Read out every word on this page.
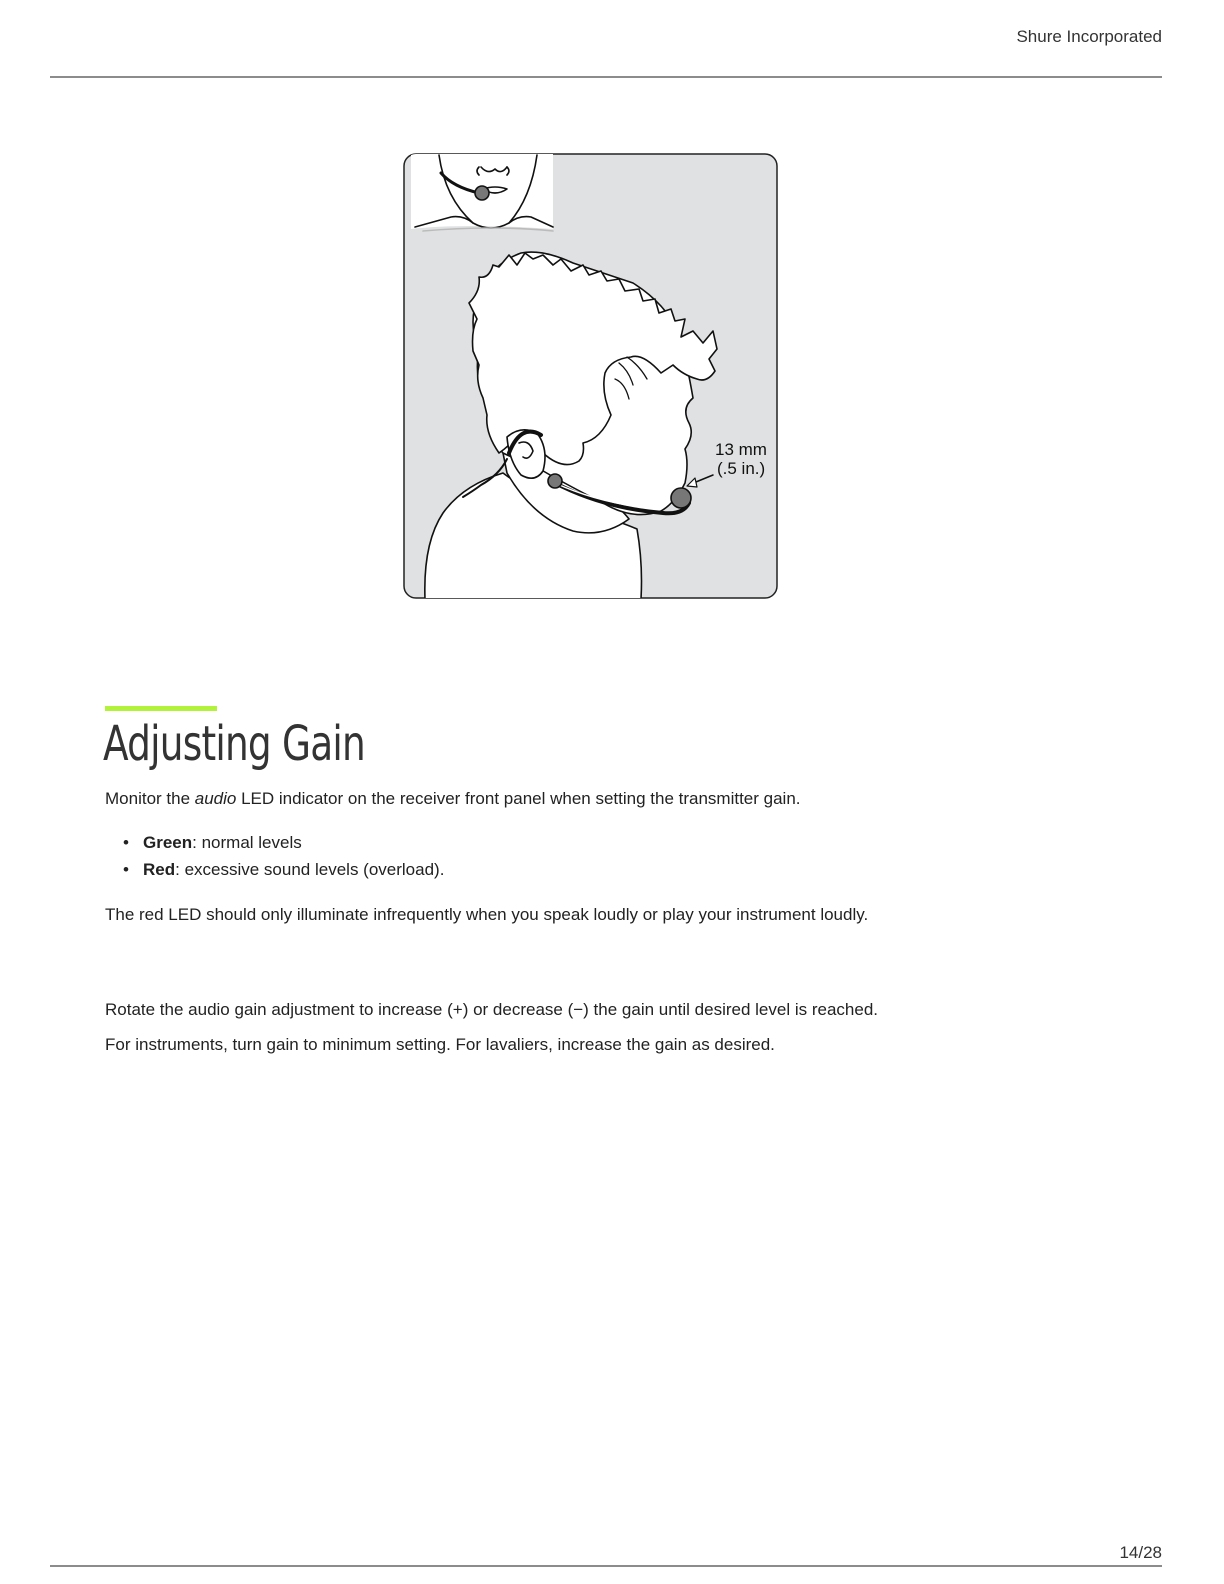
Shure Incorporated
13 mm
(.5 in.)
Adjusting Gain

Monitor the audio LED indicator on the receiver front panel when setting the transmitter gain.

• Green: normal levels
• Red: excessive sound levels (overload).

The red LED should only illuminate infrequently when you speak loudly or play your instrument loudly.

Rotate the audio gain adjustment to increase (+) or decrease (−) the gain until desired level is reached.

For instruments, turn gain to minimum setting. For lavaliers, increase the gain as desired.

14/28
